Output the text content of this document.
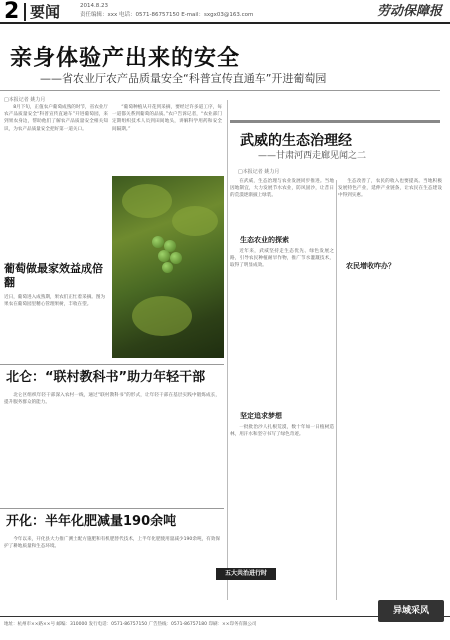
2 要闻	2014.8.23
责任编辑：xxx 电话：0571-86757150 E-mail：sxgx03@163.com	劳动保障报
亲身体验产出来的安全
——省农业厅农产品质量安全“科普宣传直通车”开进葡萄园
□本报记者 姚力月

8月下旬，正值农户葡萄成熟的时节，省农业厅农产品质量安全“科普宣传直通车”开进葡萄园，来到果农身边，帮助他们了解农产品质量安全相关知识，为农产品质量安全把好第一道关口。

“葡萄种植从开花到采摘，要经过许多道工序，每一道都关系到葡萄的品质。”农户告诉记者，“农业部门定期组织技术人员到田间地头，讲解科学用药和安全间隔期。”

葡萄做最家效益成倍翻
近日，葡萄进入成熟期，果农们正忙着采摘。图为果农在葡萄园里精心管理果树，丰收在望。
武威的生态治理经
——甘肃河西走廊见闻之二
□本报记者 姚力月

在武威，生态治理与农业发展同步推进。当地因地制宜，大力发展节水农业，防风固沙，让昔日的荒漠逐渐披上绿装。

生态农业的探索

近年来，武威坚持走生态优先、绿色发展之路，引导农民种植耐旱作物，推广节水灌溉技术，取得了明显成效。	农民增收咋办？

生态改善了，农民的收入也要提高。当地积极发展特色产业，延伸产业链条，让农民在生态建设中得到实惠。

坚定追求梦想

一批批治沙人扎根荒漠，数十年如一日植树造林，用汗水和坚守书写了绿色奇迹。

北仑：“联村教科书”助力年轻干部

北仑区组织年轻干部深入农村一线，通过“联村教科书”的形式，让年轻干部在基层实践中锻炼成长，提升服务群众的能力。

开化：半年化肥减量190余吨

今年以来，开化县大力推广测土配方施肥和有机肥替代技术，上半年化肥使用量减少190余吨，有效保护了耕地质量和生态环境。

五大共治进行时
异域采风
地址：杭州市××路××号 邮编：310000 发行电话：0571-86757150 广告热线：0571-86757180 印刷：××印务有限公司
